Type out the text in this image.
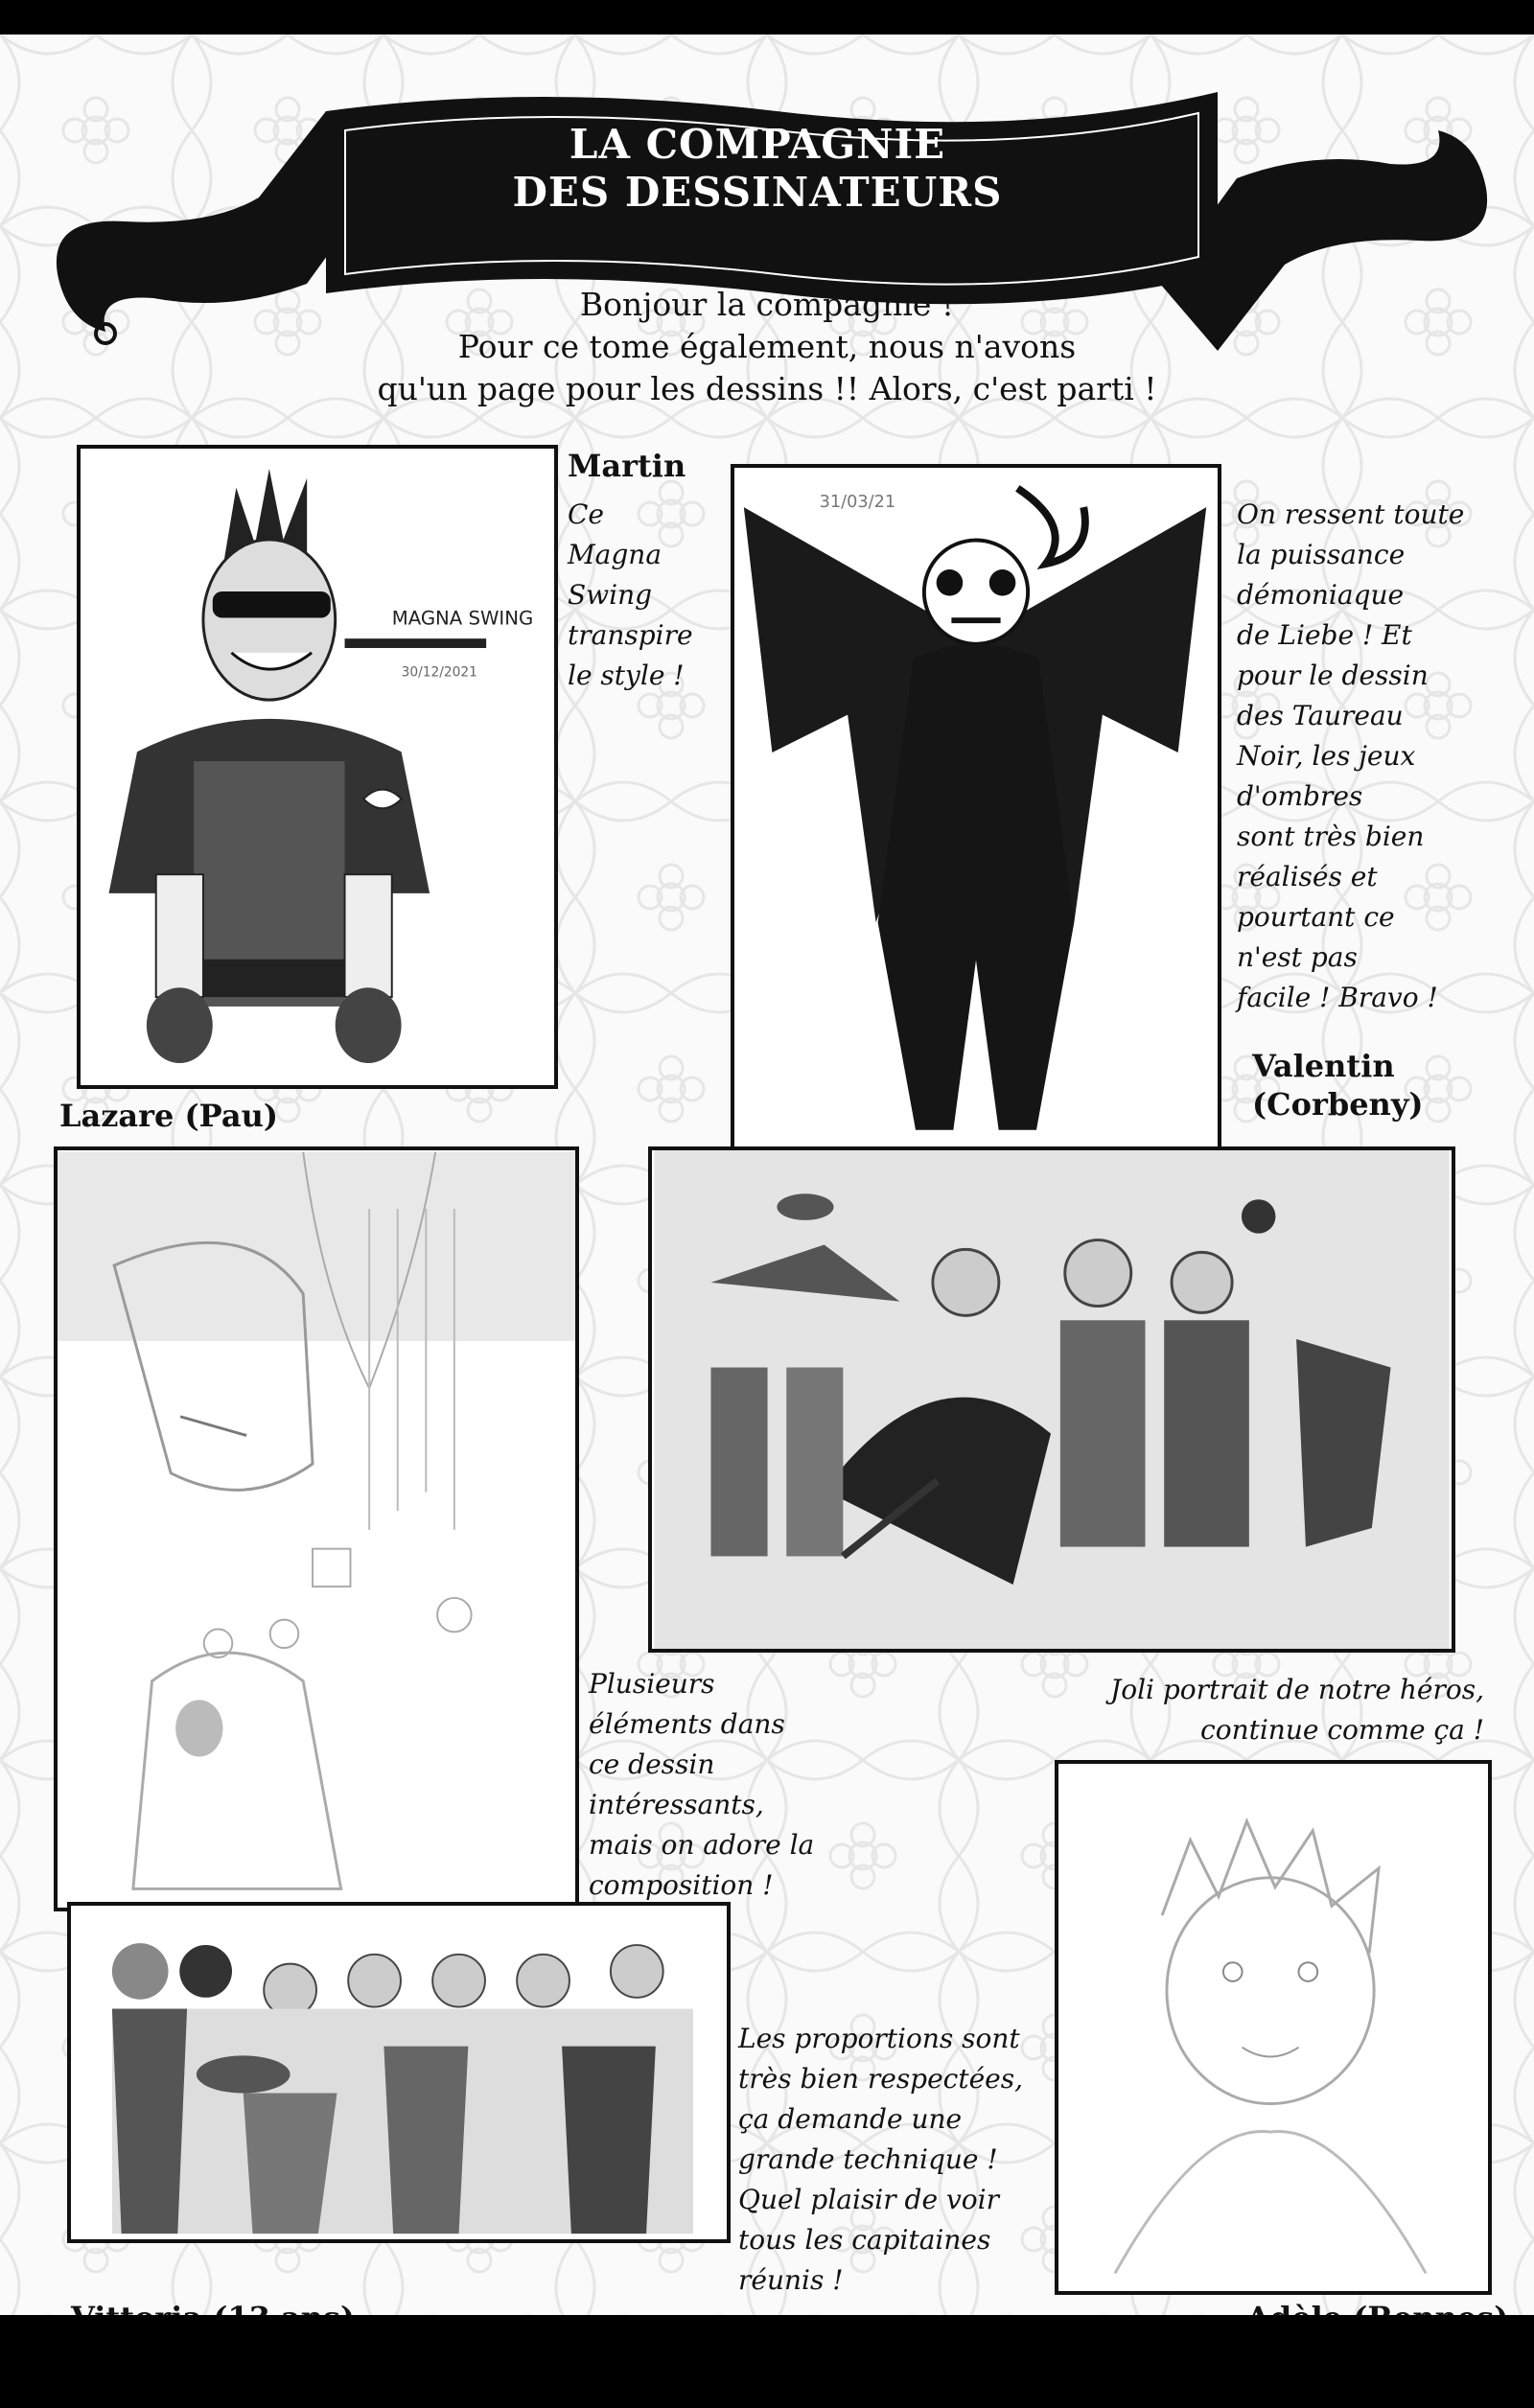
LA COMPAGNIE
DES DESSINATEURS
Bonjour la compagnie !
Pour ce tome également, nous n'avons
qu'un page pour les dessins !! Alors, c'est parti !
MAGNA SWING
30/12/2021
Martin
Ce
Magna
Swing
transpire
le style !
Lazare (Pau)
31/03/21	On ressent toute
la puissance
démoniaque
de Liebe ! Et
pour le dessin
des Taureau
Noir, les jeux
d'ombres
sont très bien
réalisés et
pourtant ce
n'est pas
facile ! Bravo !
Valentin
(Corbeny)
Plusieurs
éléments dans
ce dessin
intéressants,
mais on adore la
composition !
Joli portrait de notre héros,
continue comme ça !
Les proportions sont
très bien respectées,
ça demande une
grande technique !
Quel plaisir de voir
tous les capitaines
réunis !
